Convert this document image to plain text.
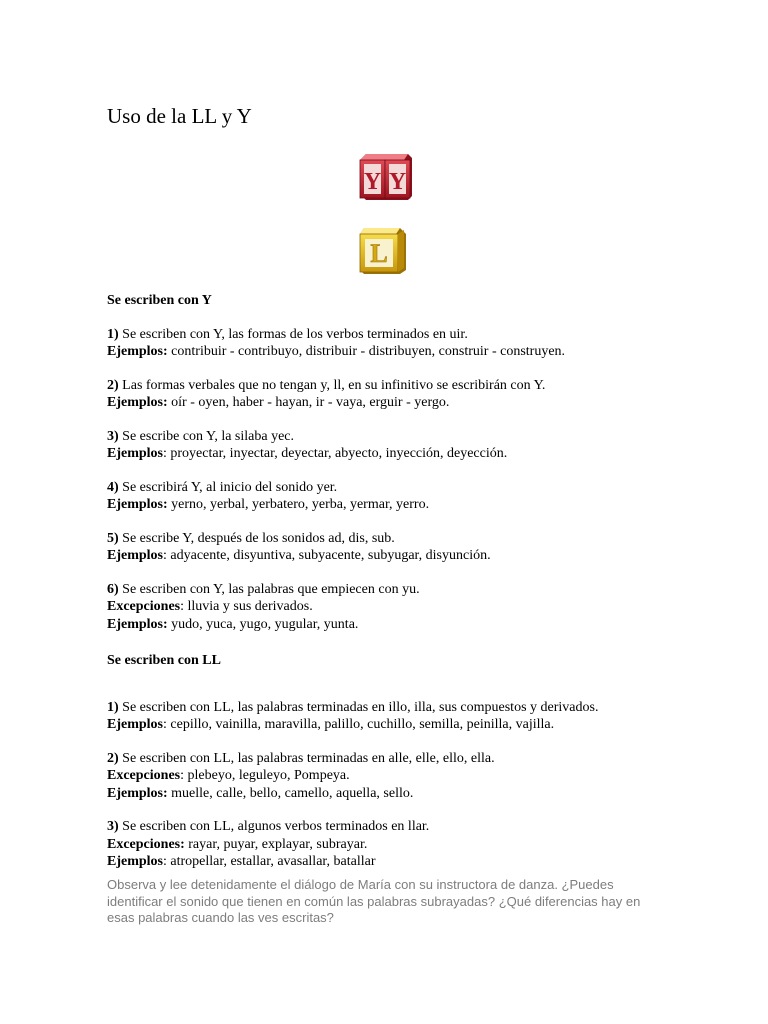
Uso de la LL y Y
Y Y
L

Se escriben con Y

1) Se escriben con Y, las formas de los verbos terminados en uir.
Ejemplos: contribuir - contribuyo, distribuir - distribuyen, construir - construyen.
2) Las formas verbales que no tengan y, ll, en su infinitivo se escribirán con Y.
Ejemplos: oír - oyen, haber - hayan, ir - vaya, erguir - yergo.
3) Se escribe con Y, la silaba yec.
Ejemplos: proyectar, inyectar, deyectar, abyecto, inyección, deyección.
4) Se escribirá Y, al inicio del sonido yer.
Ejemplos: yerno, yerbal, yerbatero, yerba, yermar, yerro.
5) Se escribe Y, después de los sonidos ad, dis, sub.
Ejemplos: adyacente, disyuntiva, subyacente, subyugar, disyunción.
6) Se escriben con Y, las palabras que empiecen con yu.
Excepciones: lluvia y sus derivados.
Ejemplos: yudo, yuca, yugo, yugular, yunta.

Se escriben con LL

1) Se escriben con LL, las palabras terminadas en illo, illa, sus compuestos y derivados.
Ejemplos: cepillo, vainilla, maravilla, palillo, cuchillo, semilla, peinilla, vajilla.
2) Se escriben con LL, las palabras terminadas en alle, elle, ello, ella.
Excepciones: plebeyo, leguleyo, Pompeya.
Ejemplos: muelle, calle, bello, camello, aquella, sello.
3) Se escriben con LL, algunos verbos terminados en llar.
Excepciones: rayar, puyar, explayar, subrayar.
Ejemplos: atropellar, estallar, avasallar, batallar
Observa y lee detenidamente el diálogo de María con su instructora de danza. ¿Puedes identificar el sonido que tienen en común las palabras subrayadas? ¿Qué diferencias hay en esas palabras cuando las ves escritas?
